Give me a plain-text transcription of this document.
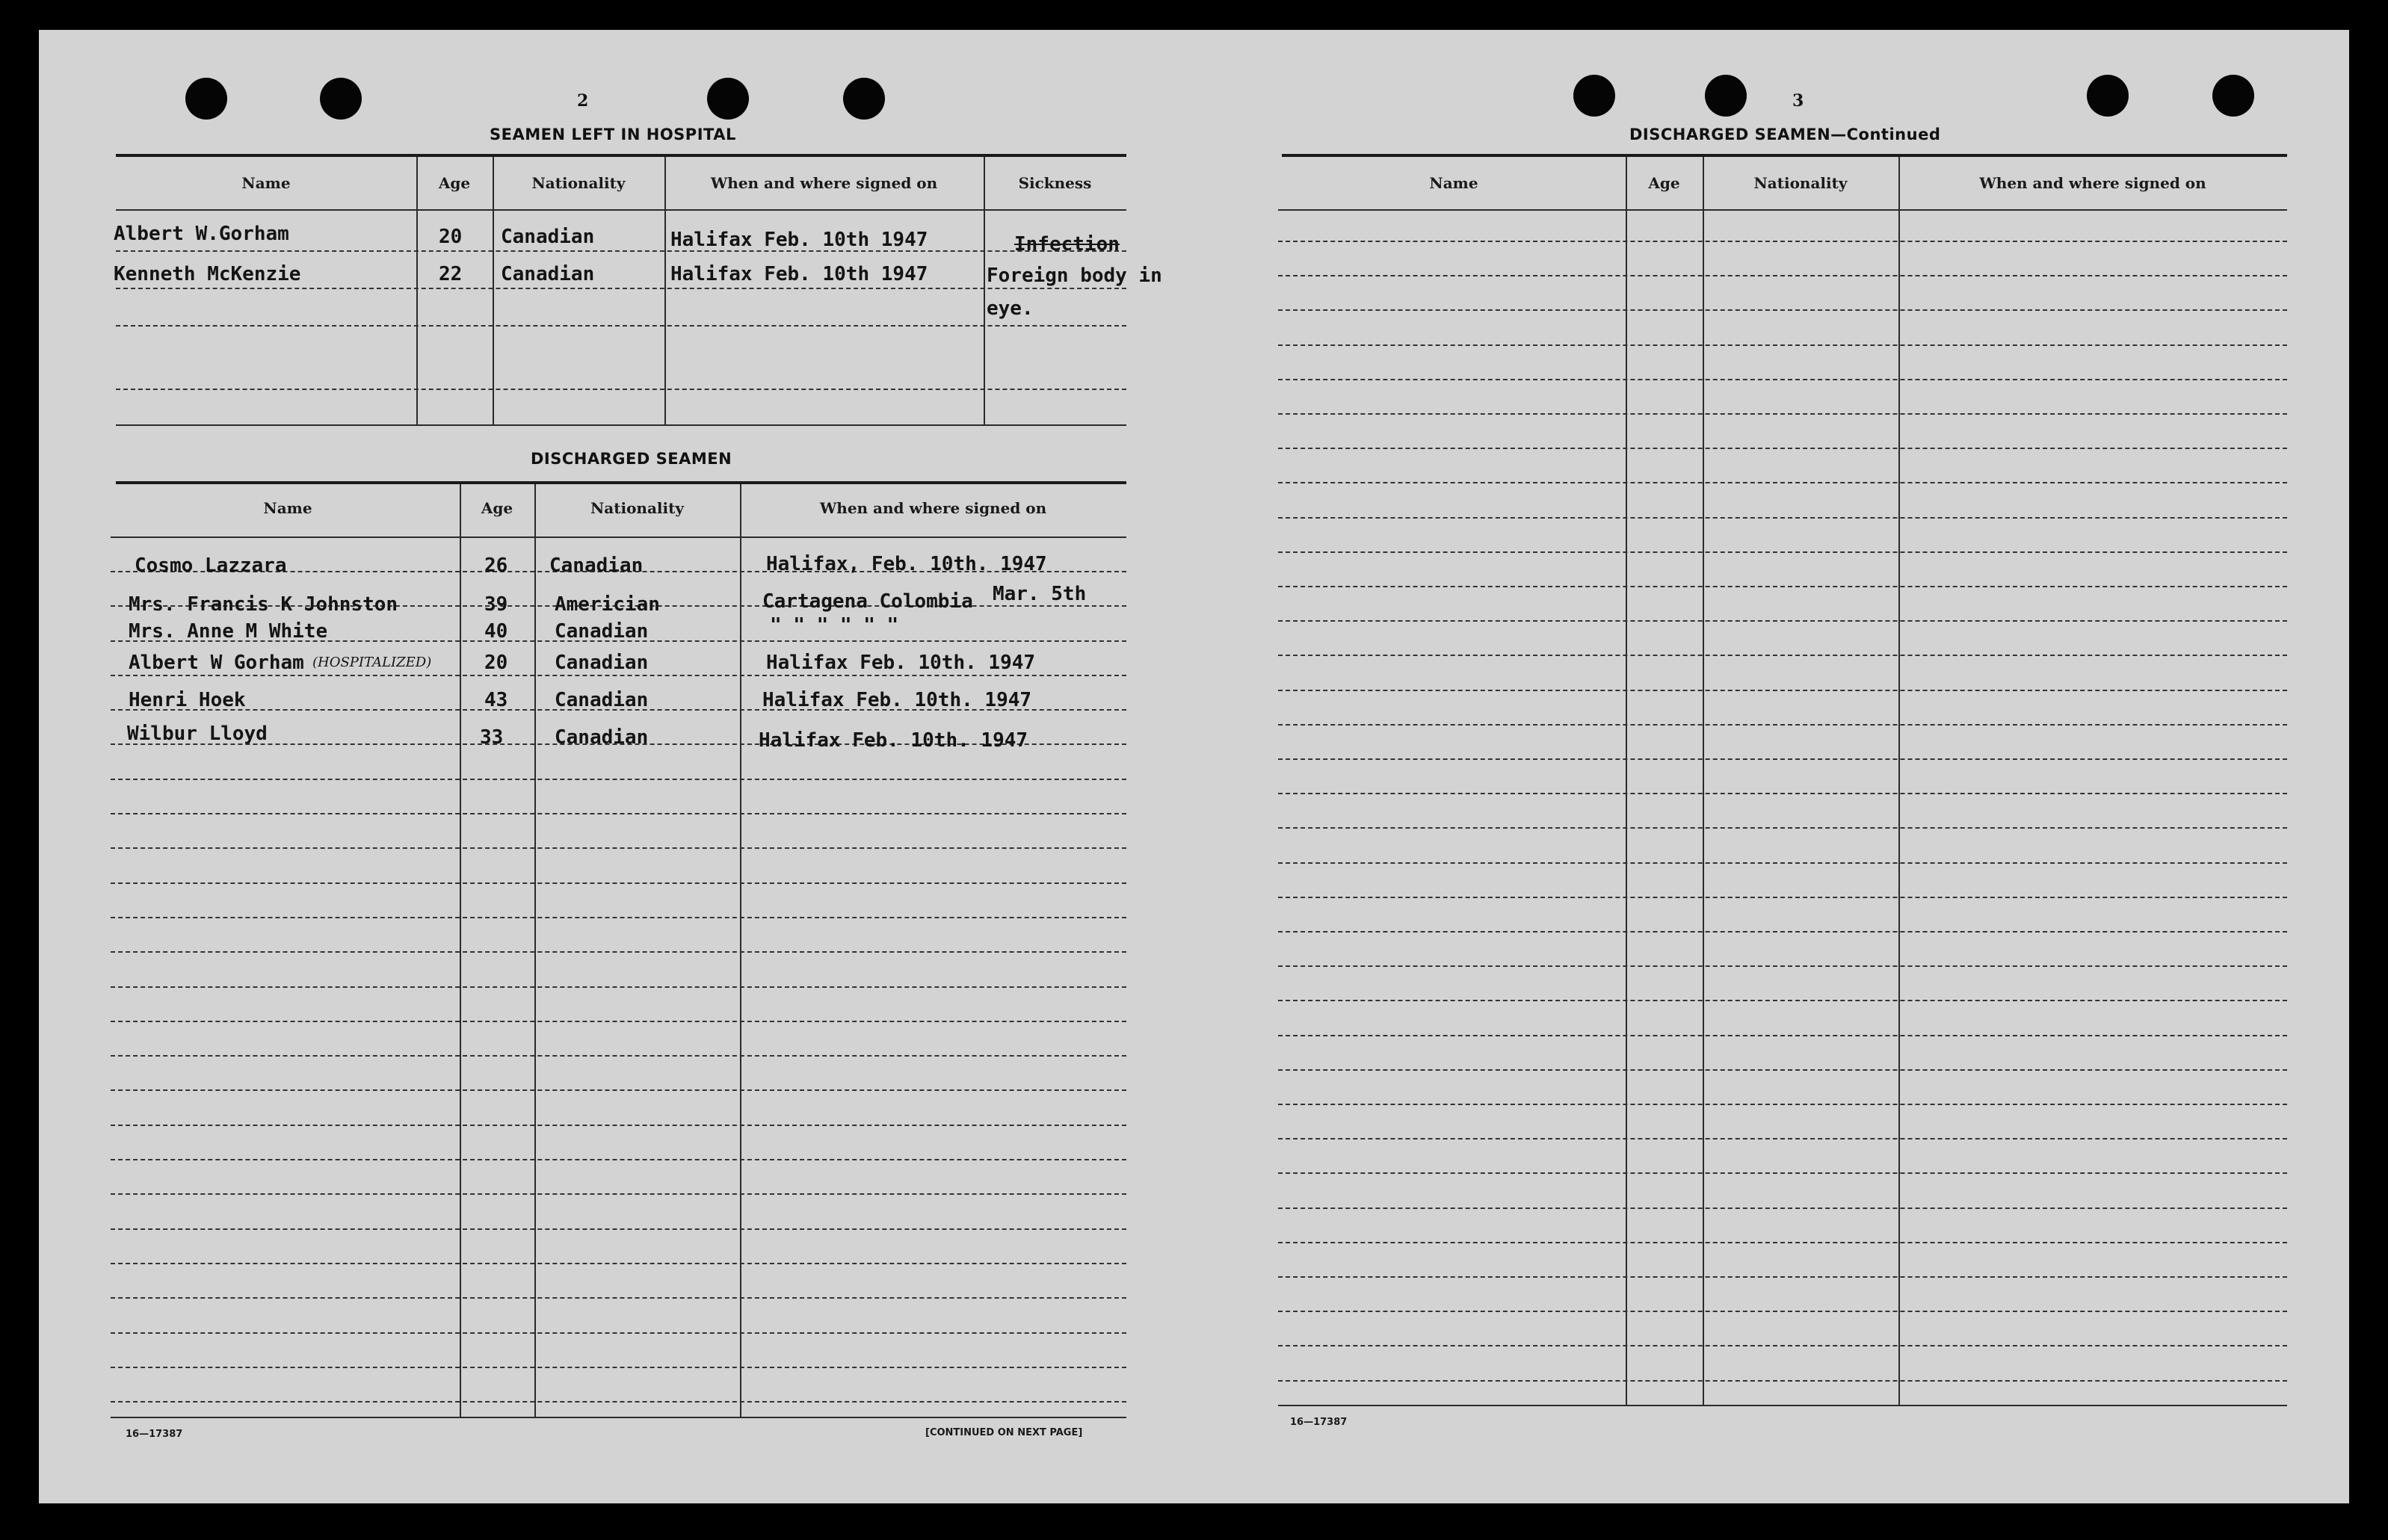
2
SEAMEN LEFT IN HOSPITAL
Name	Age	Nationality	When and where signed on	Sickness
Albert W.Gorham	20 Canadian	Halifax Feb. 10th 1947	Infection
Kenneth McKenzie	22 Canadian	Halifax Feb. 10th 1947	Foreign body in
eye.
DISCHARGED SEAMEN
Name	Age	Nationality	When and where signed on
Cosmo Lazzara	26 Canadian	Halifax, Feb. 10th. 1947
Mrs. Francis K Johnston	39 Americian	Cartagena Colombia Mar. 5th
Mrs. Anne M White	40 Canadian	" " " " " "
Albert W Gorham (HOSPITALIZED)	20 Canadian	Halifax Feb. 10th. 1947
Henri Hoek	43 Canadian	Halifax Feb. 10th. 1947
Wilbur Lloyd	33	Canadian	Halifax Feb. 10th. 1947
16—17387	[CONTINUED ON NEXT PAGE]
3
DISCHARGED SEAMEN—Continued
Name	Age	Nationality	When and where signed on
16—17387
